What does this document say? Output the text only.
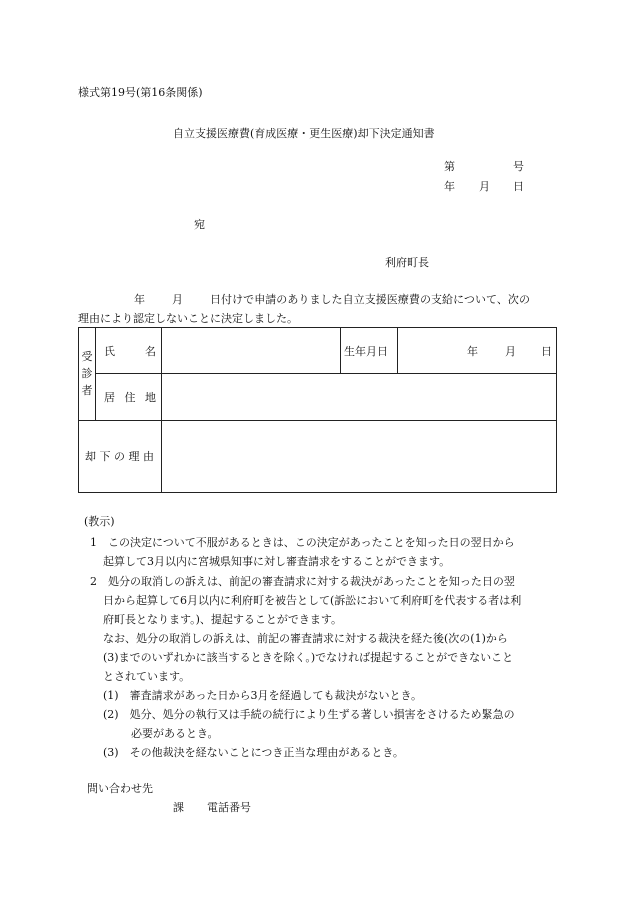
様式第19号(第16条関係)
自立支援医療費(育成医療・更生医療)却下決定通知書
第	号
年 月 日
宛
利府町長
年 月 日付けで申請のありました自立支援医療費の支給について、次の
理由により認定しないことに決定しました。
受
診
者
氏	名	生年月日	年 月 日
居 住 地
却 下 の 理 由
(教示)
1　この決定について不服があるときは、この決定があったことを知った日の翌日から
起算して3月以内に宮城県知事に対し審査請求をすることができます。
2　処分の取消しの訴えは、前記の審査請求に対する裁決があったことを知った日の翌
日から起算して6月以内に利府町を被告として(訴訟において利府町を代表する者は利
府町長となります。)、提起することができます。
なお、処分の取消しの訴えは、前記の審査請求に対する裁決を経た後(次の(1)から
(3)までのいずれかに該当するときを除く。)でなければ提起することができないこと
とされています。
(1)　審査請求があった日から3月を経過しても裁決がないとき。
(2)　処分、処分の執行又は手続の続行により生ずる著しい損害をさけるため緊急の
必要があるとき。
(3)　その他裁決を経ないことにつき正当な理由があるとき。
問い合わせ先
課 電話番号
